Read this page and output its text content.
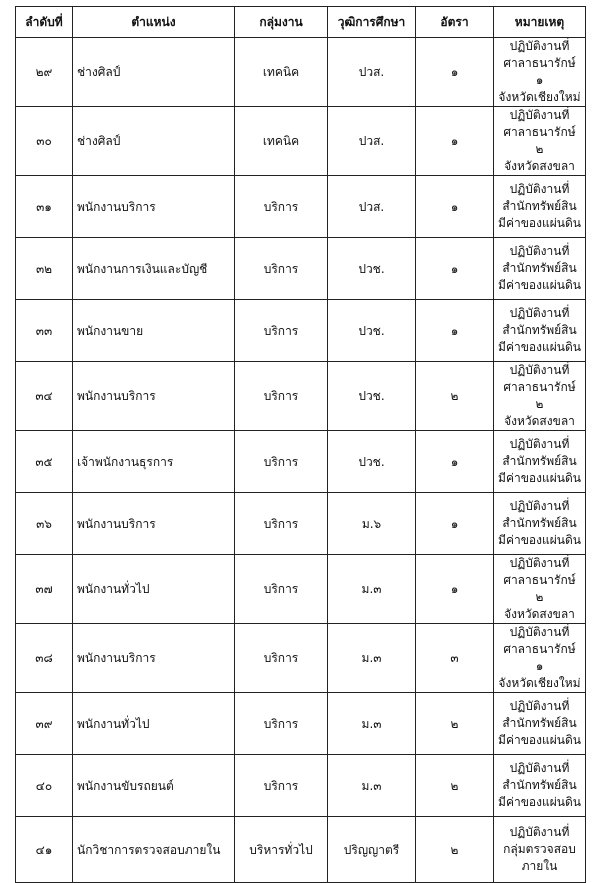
ลำดับที่	ตำแหน่ง	กลุ่มงาน	วุฒิการศึกษา	อัตรา	หมายเหตุ
๒๙	ช่างศิลป์	เทคนิค	ปวส.	๑	ปฏิบัติงานที่
ศาลาธนารักษ์ ๑
จังหวัดเชียงใหม่
๓๐	ช่างศิลป์	เทคนิค	ปวส.	๑	ปฏิบัติงานที่
ศาลาธนารักษ์ ๒
จังหวัดสงขลา
๓๑	พนักงานบริการ	บริการ	ปวส.	๑	ปฏิบัติงานที่
สำนักทรัพย์สิน
มีค่าของแผ่นดิน
๓๒	พนักงานการเงินและบัญชี	บริการ	ปวช.	๑	ปฏิบัติงานที่
สำนักทรัพย์สิน
มีค่าของแผ่นดิน
๓๓	พนักงานขาย	บริการ	ปวช.	๑	ปฏิบัติงานที่
สำนักทรัพย์สิน
มีค่าของแผ่นดิน
๓๔	พนักงานบริการ	บริการ	ปวช.	๒	ปฏิบัติงานที่
ศาลาธนารักษ์ ๒
จังหวัดสงขลา
๓๕	เจ้าพนักงานธุรการ	บริการ	ปวช.	๑	ปฏิบัติงานที่
สำนักทรัพย์สิน
มีค่าของแผ่นดิน
๓๖	พนักงานบริการ	บริการ	ม.๖	๑	ปฏิบัติงานที่
สำนักทรัพย์สิน
มีค่าของแผ่นดิน
๓๗	พนักงานทั่วไป	บริการ	ม.๓	๑	ปฏิบัติงานที่
ศาลาธนารักษ์ ๒
จังหวัดสงขลา
๓๘	พนักงานบริการ	บริการ	ม.๓	๓	ปฏิบัติงานที่
ศาลาธนารักษ์ ๑
จังหวัดเชียงใหม่
๓๙	พนักงานทั่วไป	บริการ	ม.๓	๒	ปฏิบัติงานที่
สำนักทรัพย์สิน
มีค่าของแผ่นดิน
๔๐	พนักงานขับรถยนต์	บริการ	ม.๓	๒	ปฏิบัติงานที่
สำนักทรัพย์สิน
มีค่าของแผ่นดิน
๔๑	นักวิชาการตรวจสอบภายใน	บริหารทั่วไป	ปริญญาตรี	๒	ปฏิบัติงานที่
กลุ่มตรวจสอบ
ภายใน
